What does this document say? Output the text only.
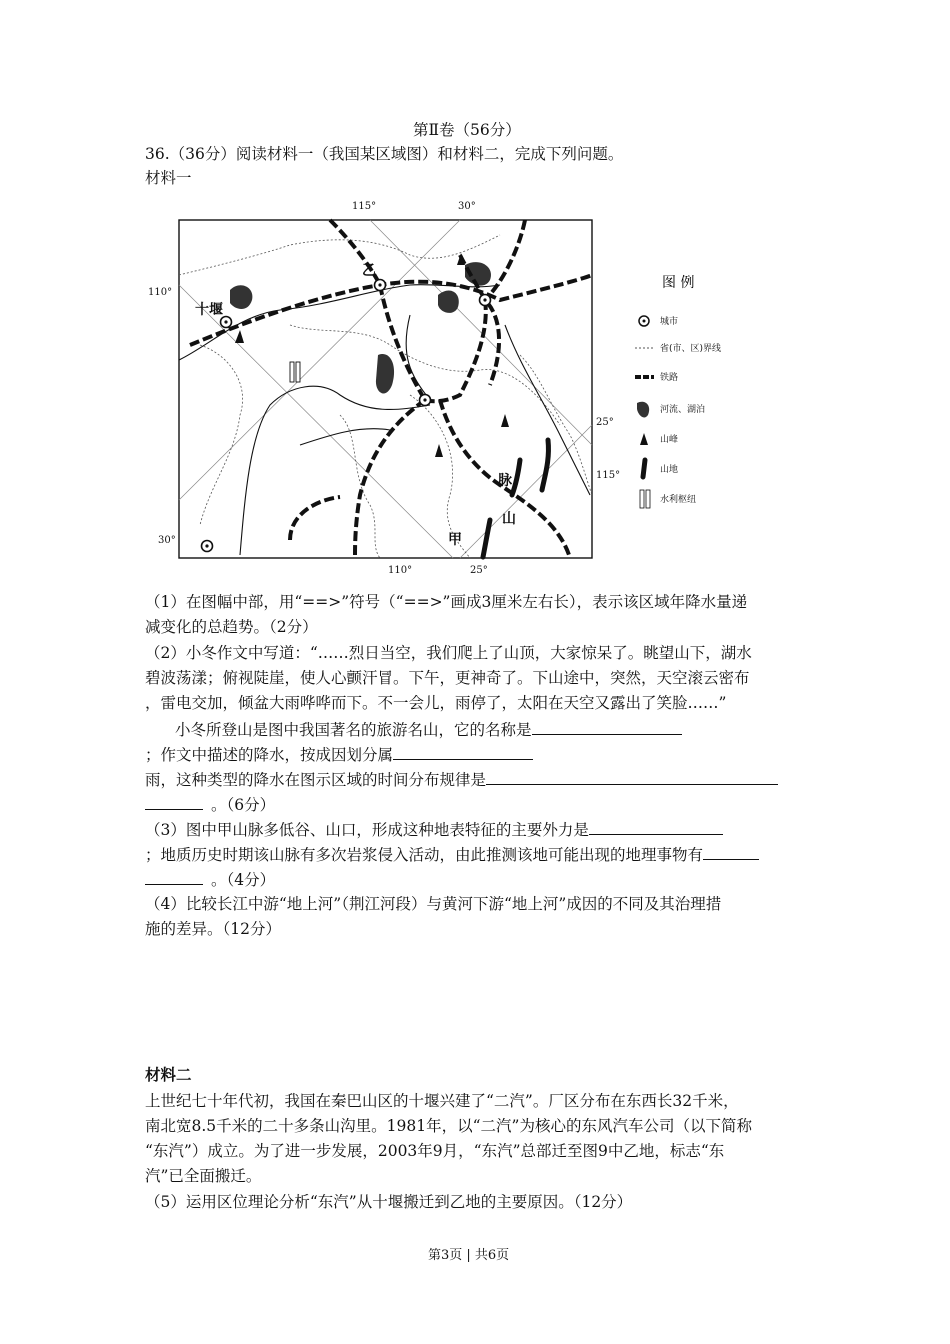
第Ⅱ卷（56分）
36.（36分）阅读材料一（我国某区域图）和材料二，完成下列问题。
材料一
115°	30°
110°
30°
110°	25°
25°
115°
十堰
乙
甲
山
脉
图 例
城市
省(市、区)界线
铁路
河流、湖泊
山峰
山地
水利枢纽
（1）在图幅中部，用“==>”符号（“==>”画成3厘米左右长），表示该区域年降水量递
减变化的总趋势。（2分）
（2）小冬作文中写道：“……烈日当空，我们爬上了山顶，大家惊呆了。眺望山下，湖水
碧波荡漾；俯视陡崖，使人心颤汗冒。下午，更神奇了。下山途中，突然，天空滚云密布
，雷电交加，倾盆大雨哗哗而下。不一会儿，雨停了，太阳在天空又露出了笑脸……”
小冬所登山是图中我国著名的旅游名山，它的名称是
；作文中描述的降水，按成因划分属
雨，这种类型的降水在图示区域的时间分布规律是
。（6分）
（3）图中甲山脉多低谷、山口，形成这种地表特征的主要外力是
；地质历史时期该山脉有多次岩浆侵入活动，由此推测该地可能出现的地理事物有
。（4分）
（4）比较长江中游“地上河”（荆江河段）与黄河下游“地上河”成因的不同及其治理措
施的差异。（12分）
材料二
上世纪七十年代初，我国在秦巴山区的十堰兴建了“二汽”。厂区分布在东西长32千米，
南北宽8.5千米的二十多条山沟里。1981年，以“二汽”为核心的东风汽车公司（以下简称
“东汽”）成立。为了进一步发展，2003年9月，“东汽”总部迁至图9中乙地，标志“东
汽”已全面搬迁。
（5）运用区位理论分析“东汽”从十堰搬迁到乙地的主要原因。（12分）
第3页 | 共6页
